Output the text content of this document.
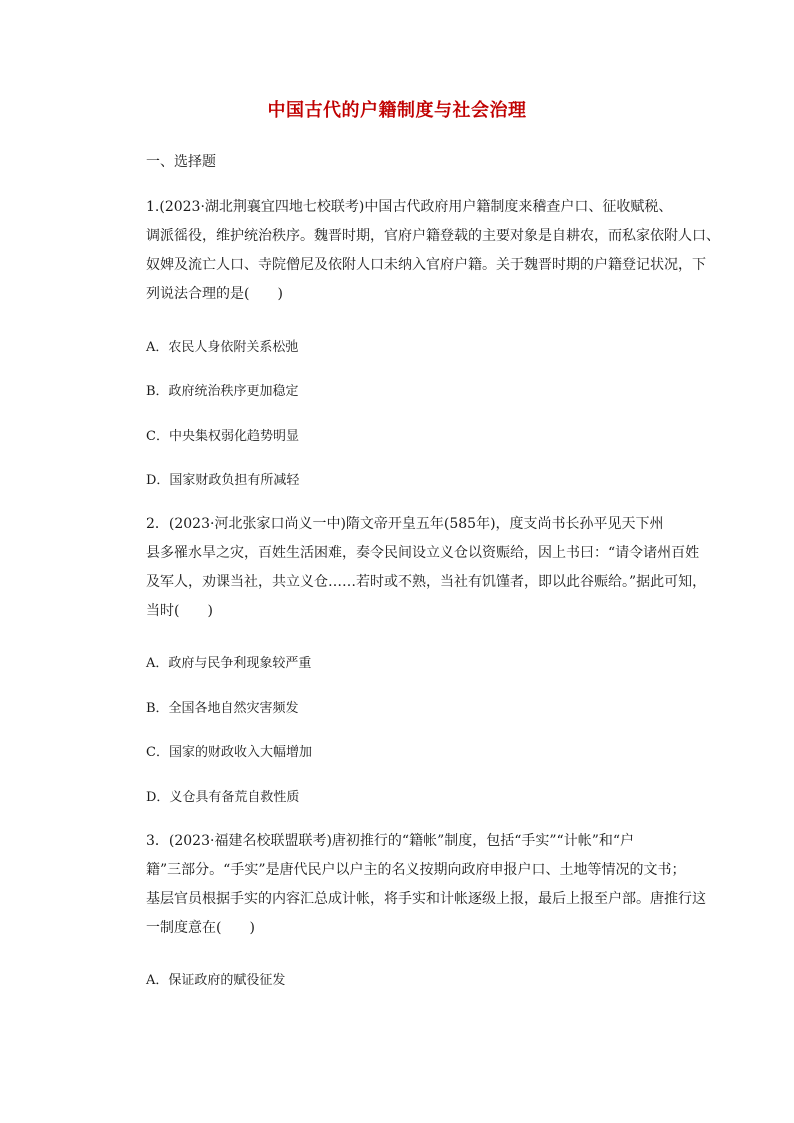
中国古代的户籍制度与社会治理
一、选择题
1.(2023·湖北荆襄宜四地七校联考)中国古代政府用户籍制度来稽查户口、征收赋税、
调派徭役，维护统治秩序。魏晋时期，官府户籍登载的主要对象是自耕农，而私家依附人口、
奴婢及流亡人口、寺院僧尼及依附人口未纳入官府户籍。关于魏晋时期的户籍登记状况，下
列说法合理的是(　　)
A．农民人身依附关系松弛
B．政府统治秩序更加稳定
C．中央集权弱化趋势明显
D．国家财政负担有所减轻
2．(2023·河北张家口尚义一中)隋文帝开皇五年(585年)，度支尚书长孙平见天下州
县多罹水旱之灾，百姓生活困难，奏令民间设立义仓以资赈给，因上书曰：“请令诸州百姓
及军人，劝课当社，共立义仓……若时或不熟，当社有饥馑者，即以此谷赈给。”据此可知，
当时(　　)
A．政府与民争利现象较严重
B．全国各地自然灾害频发
C．国家的财政收入大幅增加
D．义仓具有备荒自救性质
3．(2023·福建名校联盟联考)唐初推行的“籍帐”制度，包括“手实”“计帐”和“户
籍”三部分。“手实”是唐代民户以户主的名义按期向政府申报户口、土地等情况的文书；
基层官员根据手实的内容汇总成计帐，将手实和计帐逐级上报，最后上报至户部。唐推行这
一制度意在(　　)
A．保证政府的赋役征发
